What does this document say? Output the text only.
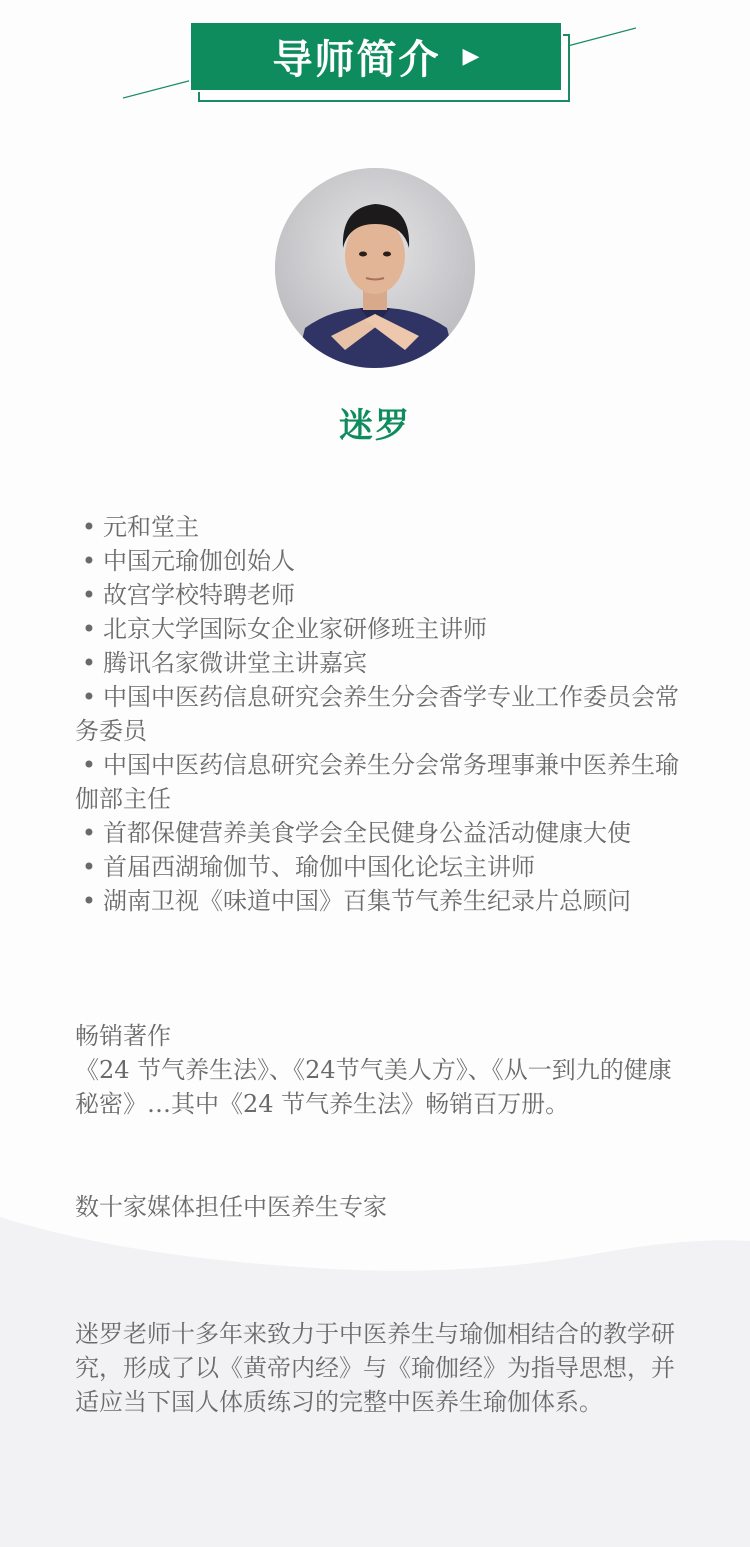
导师简介 ▶
迷罗
• 元和堂主
• 中国元瑜伽创始人
• 故宫学校特聘老师
• 北京大学国际女企业家研修班主讲师
• 腾讯名家微讲堂主讲嘉宾
• 中国中医药信息研究会养生分会香学专业工作委员会常务委员
• 中国中医药信息研究会养生分会常务理事兼中医养生瑜伽部主任
• 首都保健营养美食学会全民健身公益活动健康大使
• 首届西湖瑜伽节、瑜伽中国化论坛主讲师
• 湖南卫视《味道中国》百集节气养生纪录片总顾问
畅销著作
《24 节气养生法》、《24节气美人方》、《从一到九的健康秘密》…其中《24 节气养生法》畅销百万册。
数十家媒体担任中医养生专家
迷罗老师十多年来致力于中医养生与瑜伽相结合的教学研究，形成了以《黄帝内经》与《瑜伽经》为指导思想，并适应当下国人体质练习的完整中医养生瑜伽体系。
